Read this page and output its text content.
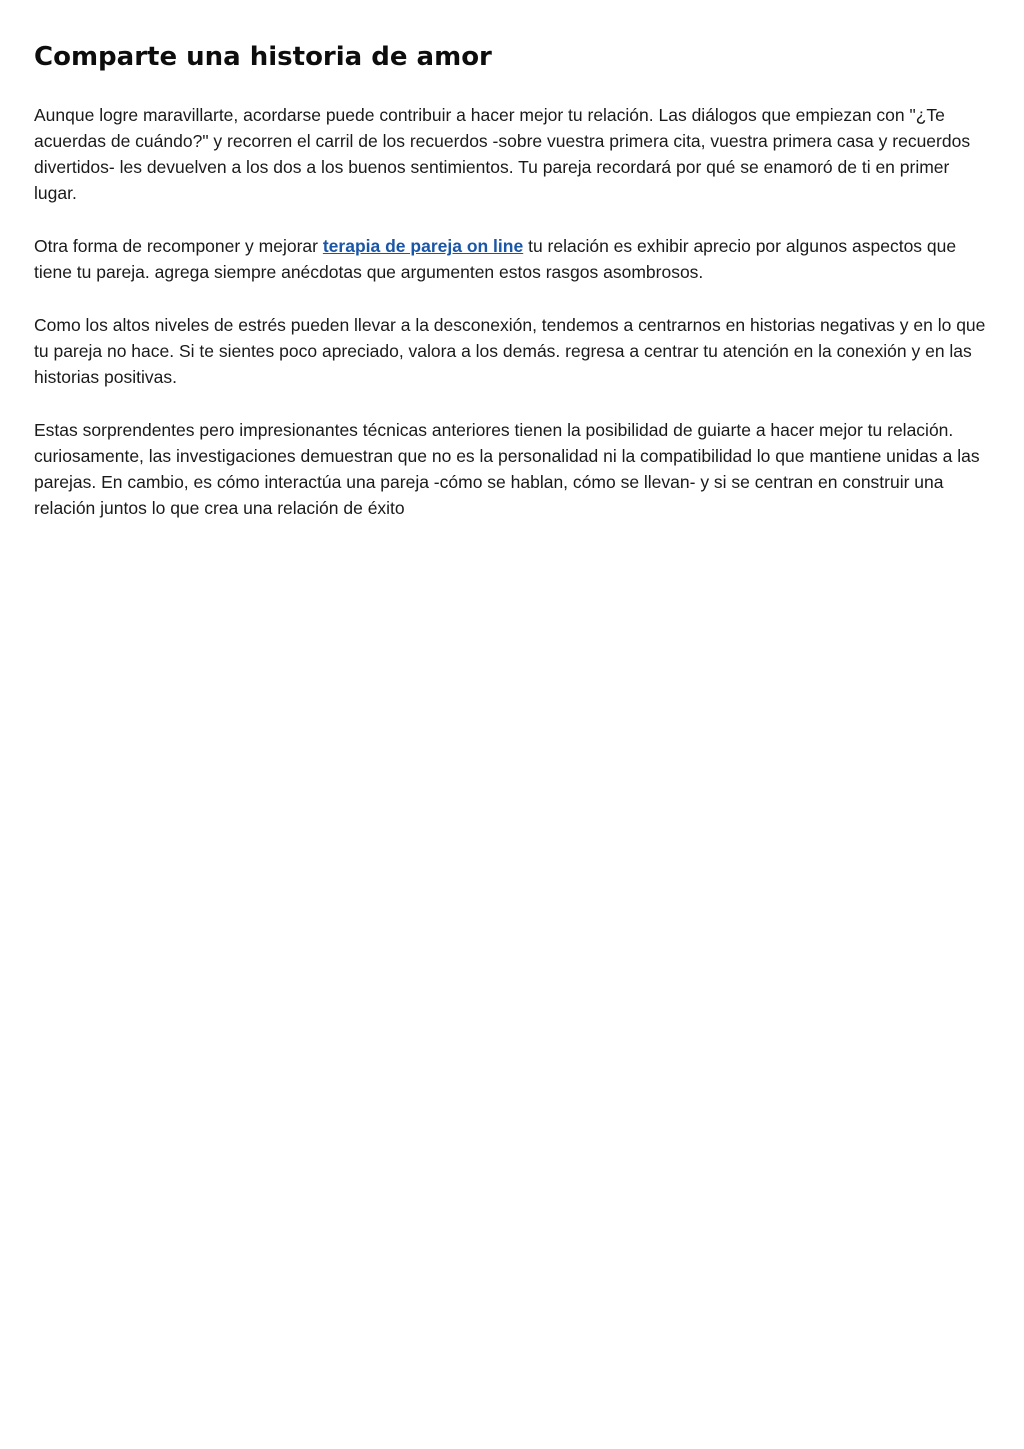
Comparte una historia de amor

Aunque logre maravillarte, acordarse puede contribuir a hacer mejor tu relación. Las diálogos que empiezan con "¿Te acuerdas de cuándo?" y recorren el carril de los recuerdos -sobre vuestra primera cita, vuestra primera casa y recuerdos divertidos- les devuelven a los dos a los buenos sentimientos. Tu pareja recordará por qué se enamoró de ti en primer lugar.

Otra forma de recomponer y mejorar terapia de pareja on line tu relación es exhibir aprecio por algunos aspectos que tiene tu pareja. agrega siempre anécdotas que argumenten estos rasgos asombrosos.

Como los altos niveles de estrés pueden llevar a la desconexión, tendemos a centrarnos en historias negativas y en lo que tu pareja no hace. Si te sientes poco apreciado, valora a los demás. regresa a centrar tu atención en la conexión y en las historias positivas.

Estas sorprendentes pero impresionantes técnicas anteriores tienen la posibilidad de guiarte a hacer mejor tu relación. curiosamente, las investigaciones demuestran que no es la personalidad ni la compatibilidad lo que mantiene unidas a las parejas. En cambio, es cómo interactúa una pareja -cómo se hablan, cómo se llevan- y si se centran en construir una relación juntos lo que crea una relación de éxito
